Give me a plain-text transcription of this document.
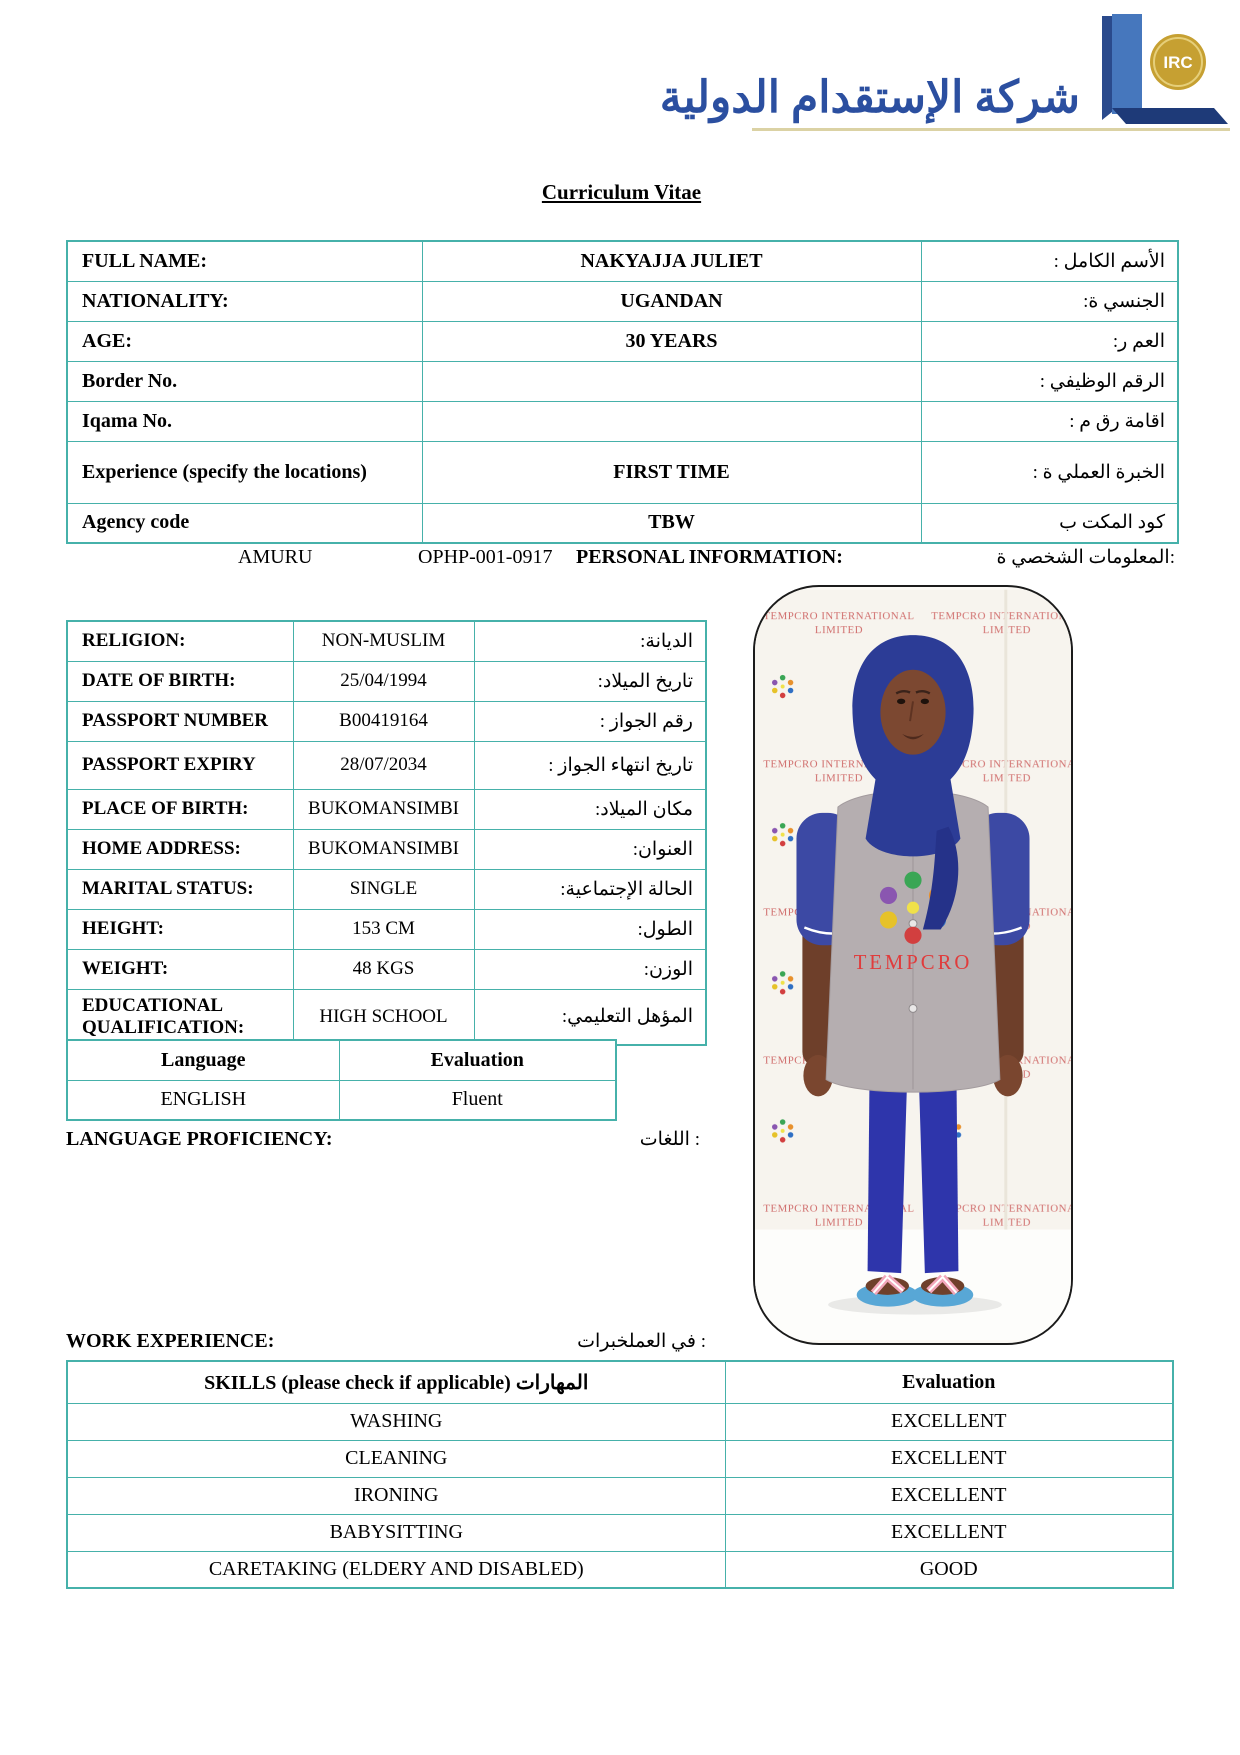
شركة الإستقدام الدولية
IRC
Curriculum Vitae
FULL NAME:	NAKYAJJA JULIET	الأسم الكامل :
NATIONALITY:	UGANDAN	الجنسي ة:
AGE:	30 YEARS	العم ر:
Border No.		الرقم الوظيفي :
Iqama No.		اقامة رق م :
Experience (specify the locations)	FIRST TIME	الخبرة العملي ة :
Agency code	TBW	كود المكت ب
AMURU	OPHP-001-0917 PERSONAL INFORMATION:	المعلومات الشخصي ة:
TEMPCRO
RELIGION:	NON-MUSLIM	الديانة:
DATE OF BIRTH:	25/04/1994	تاريخ الميلاد:
PASSPORT NUMBER	B00419164	رقم الجواز :
PASSPORT EXPIRY	28/07/2034	تاريخ انتهاء الجواز :
PLACE OF BIRTH:	BUKOMANSIMBI	مكان الميلاد:
HOME ADDRESS:	BUKOMANSIMBI	العنوان:
MARITAL STATUS:	SINGLE	الحالة الإجتماعية:
HEIGHT:	153 CM	الطول:
WEIGHT:	48 KGS	الوزن:
EDUCATIONAL QUALIFICATION:	HIGH SCHOOL	المؤهل التعليمي:
Language	Evaluation
ENGLISH	Fluent
اللغات :
LANGUAGE PROFICIENCY:
في العملخبرات :
WORK EXPERIENCE:
SKILLS (please check if applicable) المهارات	Evaluation
WASHING	EXCELLENT
CLEANING	EXCELLENT
IRONING	EXCELLENT
BABYSITTING	EXCELLENT
CARETAKING (ELDERY AND DISABLED)	GOOD
